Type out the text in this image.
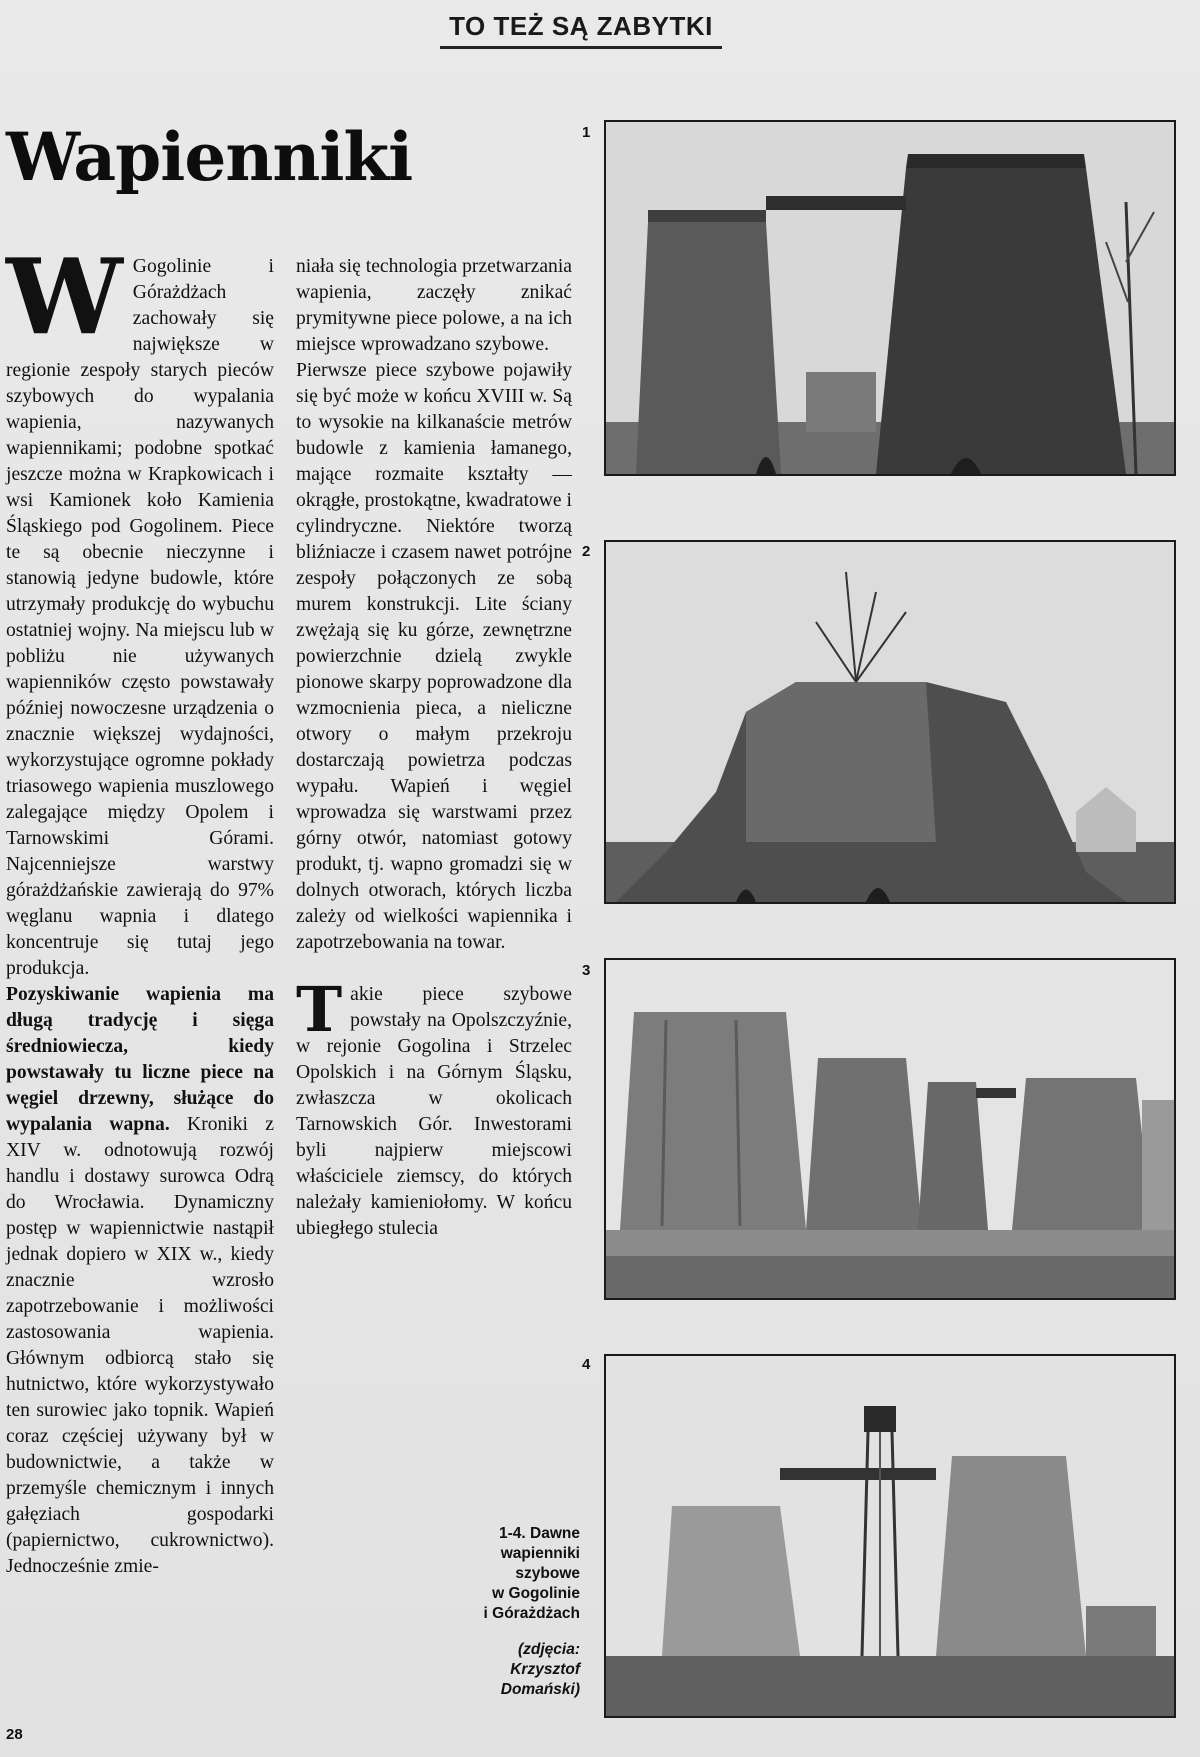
TO TEŻ SĄ ZABYTKI
Wapienniki
W Gogolinie i Górażdżach zachowały się największe w regionie zespoły starych pieców szybowych do wypalania wapienia, nazywanych wapiennikami; podobne spotkać jeszcze można w Krapkowicach i wsi Kamionek koło Kamienia Śląskiego pod Gogolinem. Piece te są obecnie nieczynne i stanowią jedyne budowle, które utrzymały produkcję do wybuchu ostatniej wojny. Na miejscu lub w pobliżu nie używanych wapienników często powstawały później nowoczesne urządzenia o znacznie większej wydajności, wykorzystujące ogromne pokłady triasowego wapienia muszlowego zalegające między Opolem i Tarnowskimi Górami. Najcenniejsze warstwy górażdżańskie zawierają do 97% węglanu wapnia i dlatego koncentruje się tutaj jego produkcja.

Pozyskiwanie wapienia ma długą tradycję i sięga średniowiecza, kiedy powstawały tu liczne piece na węgiel drzewny, służące do wypalania wapna. Kroniki z XIV w. odnotowują rozwój handlu i dostawy surowca Odrą do Wrocławia. Dynamiczny postęp w wapiennictwie nastąpił jednak dopiero w XIX w., kiedy znacznie wzrosło zapotrzebowanie i możliwości zastosowania wapienia. Głównym odbiorcą stało się hutnictwo, które wykorzystywało ten surowiec jako topnik. Wapień coraz częściej używany był w budownictwie, a także w przemyśle chemicznym i innych gałęziach gospodarki (papiernictwo, cukrownictwo). Jednocześnie zmie-

niała się technologia przetwarzania wapienia, zaczęły znikać prymitywne piece polowe, a na ich miejsce wprowadzano szybowe.

Pierwsze piece szybowe pojawiły się być może w końcu XVIII w. Są to wysokie na kilkanaście metrów budowle z kamienia łamanego, mające rozmaite kształty — okrągłe, prostokątne, kwadratowe i cylindryczne. Niektóre tworzą bliźniacze i czasem nawet potrójne zespoły połączonych ze sobą murem konstrukcji. Lite ściany zwężają się ku górze, zewnętrzne powierzchnie dzielą zwykle pionowe skarpy poprowadzone dla wzmocnienia pieca, a nieliczne otwory o małym przekroju dostarczają powietrza podczas wypału. Wapień i węgiel wprowadza się warstwami przez górny otwór, natomiast gotowy produkt, tj. wapno gromadzi się w dolnych otworach, których liczba zależy od wielkości wapiennika i zapotrzebowania na towar.

T akie piece szybowe powstały na Opolszczyźnie, w rejonie Gogolina i Strzelec Opolskich i na Górnym Śląsku, zwłaszcza w okolicach Tarnowskich Gór. Inwestorami byli najpierw miejscowi właściciele ziemscy, do których należały kamieniołomy. W końcu ubiegłego stulecia

1
2
3
4
1-4. Dawne
wapienniki
szybowe
w Gogolinie
i Górażdżach
(zdjęcia:
Krzysztof
Domański)
28
